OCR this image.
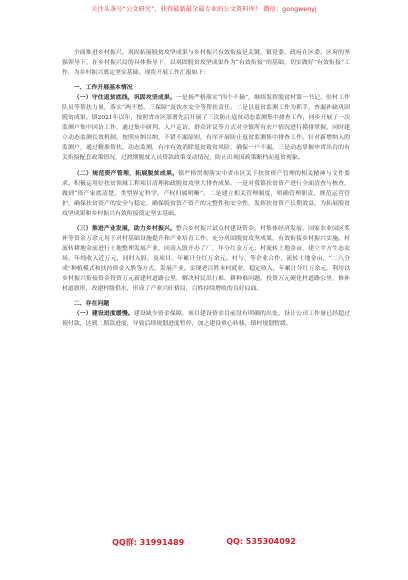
关注头条号“公文研究”，获得最新最全最专业的公文资料库！ 微信：gongwenyj

全面推进乡村振兴，巩固拓展脱贫攻坚成果与乡村振兴有效衔接是关键，镇党委、政府在区委、区府的坚强领导下，在乡村振兴局的具体指导下，以巩固脱贫攻坚成果作为“有效衔接”的基础，切实做好“有效衔接”工作，为乡村振兴奠定坚实基础。现将开展工作汇报如下：

一、工作开展基本情况

（一）守住返贫底线，巩固攻坚成果。一是扬严格落实“四个不摘”，继续发挥脱贫村第一书记、驻村工作队员等帮扶力量，落实“两不愁、三保障”及饮水安全等帮扶责任。二是以返贫监测工作为抓手，查漏补缺巩固脱贫成果。镇2021年以年，按照省市区部署先后开展了三次防止返贫动态监测集中排查工作，同步开展了一次监测户集中回访工作，通过集中研判、入户走访、群众评议等方式对全镇所有农户情况进行摸排掌握，同时建立动态监测长效机制，按照应纳尽纳，不错不漏原则，有序开展防止返贫监测集中排查工作。针对新增纳入的监测户，通过精准帮扶、动态监测，有序有效消除返贫致贫风险，确保一户不漏。三是动态掌握申省出台的有关衔接配套政策情况，过渡期脱贫人员贷款政策变动情况，防止出现因政策断档而返贫现象。

（二）规范资产管理，拓展脱贫成果。镇严格贯彻落实中省市区关于扶贫资产管理的相关精神与文件要求，积极运用好扶贫领域工程项目清理和政脱贫攻坚大排查成果。一是对我镇扶贫资产进行全面清查与核查，做到“资产家底清楚，类型界定科学，产权归属明晰”。二是建立相关管理制度，明确管理职责，规范运营管护，确保扶贫资产的安全与稳定，确保脱贫资产资产的完整性和安全性，发挥扶贫资产长期效益，为拓展脱贫攻坚成果和乡村振兴有效衔接奠定坚实基础。

（三）推进产业发展，助力乡村振兴。整合乡村振兴试点村建设资金，村集体经济发展，国家农业园区奖补等资金万余元用于对村基础设施提升和产业培育工作，充分巩固脱贫攻坚成果，有效衔接乡村振兴实施。村流转耕地金前进行土地整理发展产业，回南入股开办了厂，年分红金万元；村流转土地金亩，建立平方生态农场，年纯收入近万元，同时入股，及项目，年累计分红万余元。村与、等企业合作，流转土地金亩，“二八分成”种植模式和扶持资金入股等方式，发展产业。实现老百姓本村就业，稳定收入，年累计分红万余元。利用以乡村振兴衔接资金投资万元新建村道路公里，解决村民出行难、耕种难问题。投资万元硬化村道路公里，修补村道旗形，改建村级供水，形成了产业兴旺格局，百姓持续增收的良好局面。

二、存在问题

（一）建设进度缓慢。建设缺少资金保障，项目建设资金目前没有明确的出处，设计公司工作量已经超过预付款，达到二期款进度，导致后续规划进度暂停，加之建设重心转移，镇村规划暂缓。

QQ群: 31991489	QQ: 535304092
